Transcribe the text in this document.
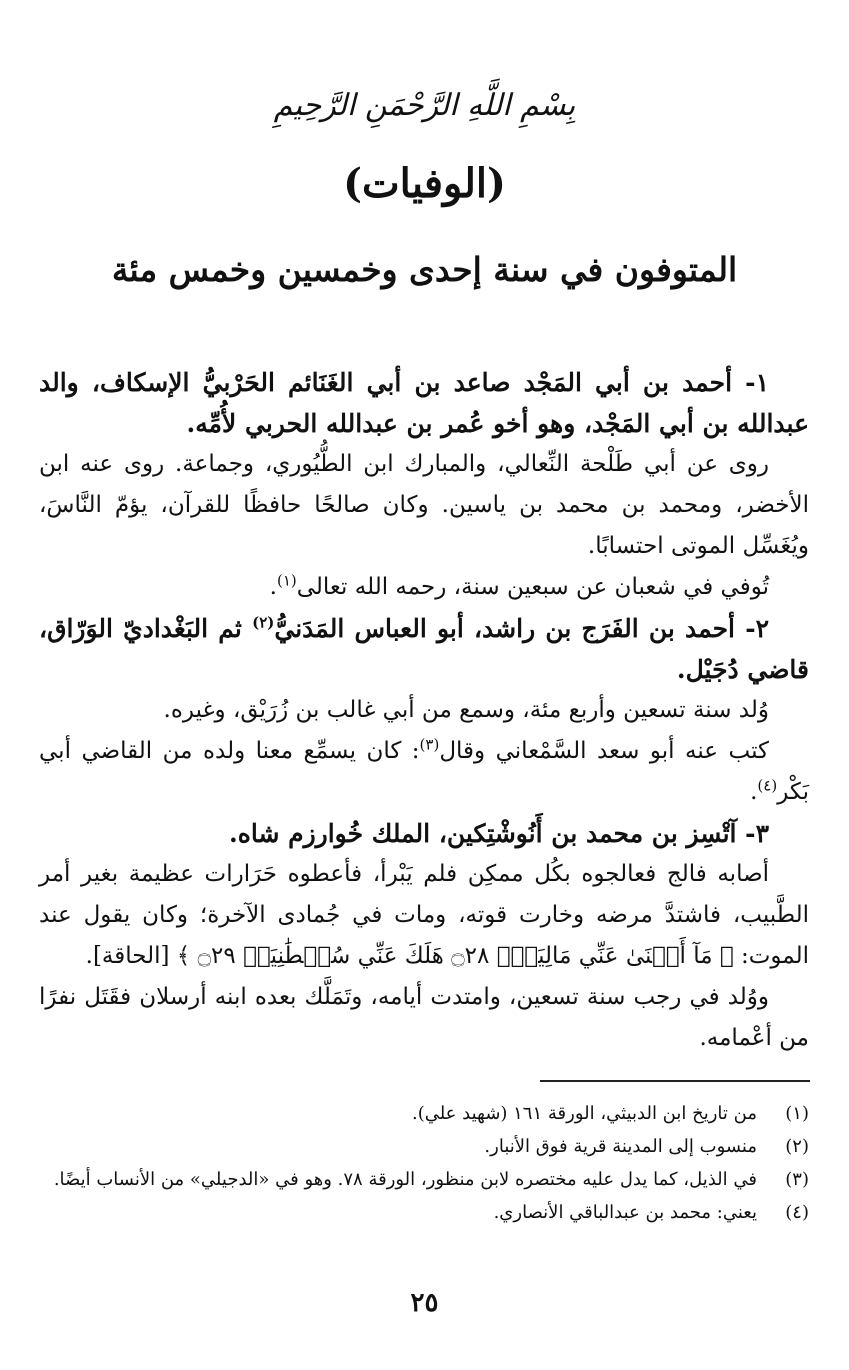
بِسْمِ اللَّهِ الرَّحْمَنِ الرَّحِيمِ
(الوفيات)
المتوفون في سنة إحدى وخمسين وخمس مئة

١- أحمد بن أبي المَجْد صاعد بن أبي الغَنَائم الحَرْبيُّ الإسكاف، والد عبدالله بن أبي المَجْد، وهو أخو عُمر بن عبدالله الحربي لأُمِّه.

روى عن أبي طَلْحة النِّعالي، والمبارك ابن الطُّيُوري، وجماعة. روى عنه ابن الأخضر، ومحمد بن محمد بن ياسين. وكان صالحًا حافظًا للقرآن، يؤمّ النَّاسَ، ويُغَسِّل الموتى احتسابًا.

تُوفي في شعبان عن سبعين سنة، رحمه الله تعالى$^{(١)}$.

٢- أحمد بن الفَرَج بن راشد، أبو العباس المَدَنيُّ$^{(٢)}$ ثم البَغْداديّ الوَرّاق، قاضي دُجَيْل.

وُلد سنة تسعين وأربع مئة، وسمع من أبي غالب بن زُرَيْق، وغيره.

كتب عنه أبو سعد السَّمْعاني وقال$^{(٣)}$: كان يسمِّع معنا ولده من القاضي أبي بَكْر$^{(٤)}$.

٣- آتْسِز بن محمد بن أَنُوشْتِكين، الملك خُوارزم شاه.

أصابه فالج فعالجوه بكُل ممكِن فلم يَبْرأ، فأعطوه حَرَارات عظيمة بغير أمر الطَّبيب، فاشتدَّ مرضه وخارت قوته، ومات في جُمادى الآخرة؛ وكان يقول عند الموت: ﴿ مَآ أَغۡنَىٰ عَنِّي مَالِيَهۡۜ ۝٢٨ هَلَكَ عَنِّي سُلۡطَٰنِيَهۡ ۝٢٩ ﴾ [الحاقة].

ووُلد في رجب سنة تسعين، وامتدت أيامه، وتَمَلَّك بعده ابنه أرسلان فقَتَل نفرًا من أعْمامه.

(١)
من تاريخ ابن الدبيثي، الورقة ١٦١ (شهيد علي).
(٢)
منسوب إلى المدينة قرية فوق الأنبار.
(٣)
في الذيل، كما يدل عليه مختصره لابن منظور، الورقة ٧٨. وهو في «الدجيلي» من الأنساب أيضًا.
(٤)
يعني: محمد بن عبدالباقي الأنصاري.
٢٥
